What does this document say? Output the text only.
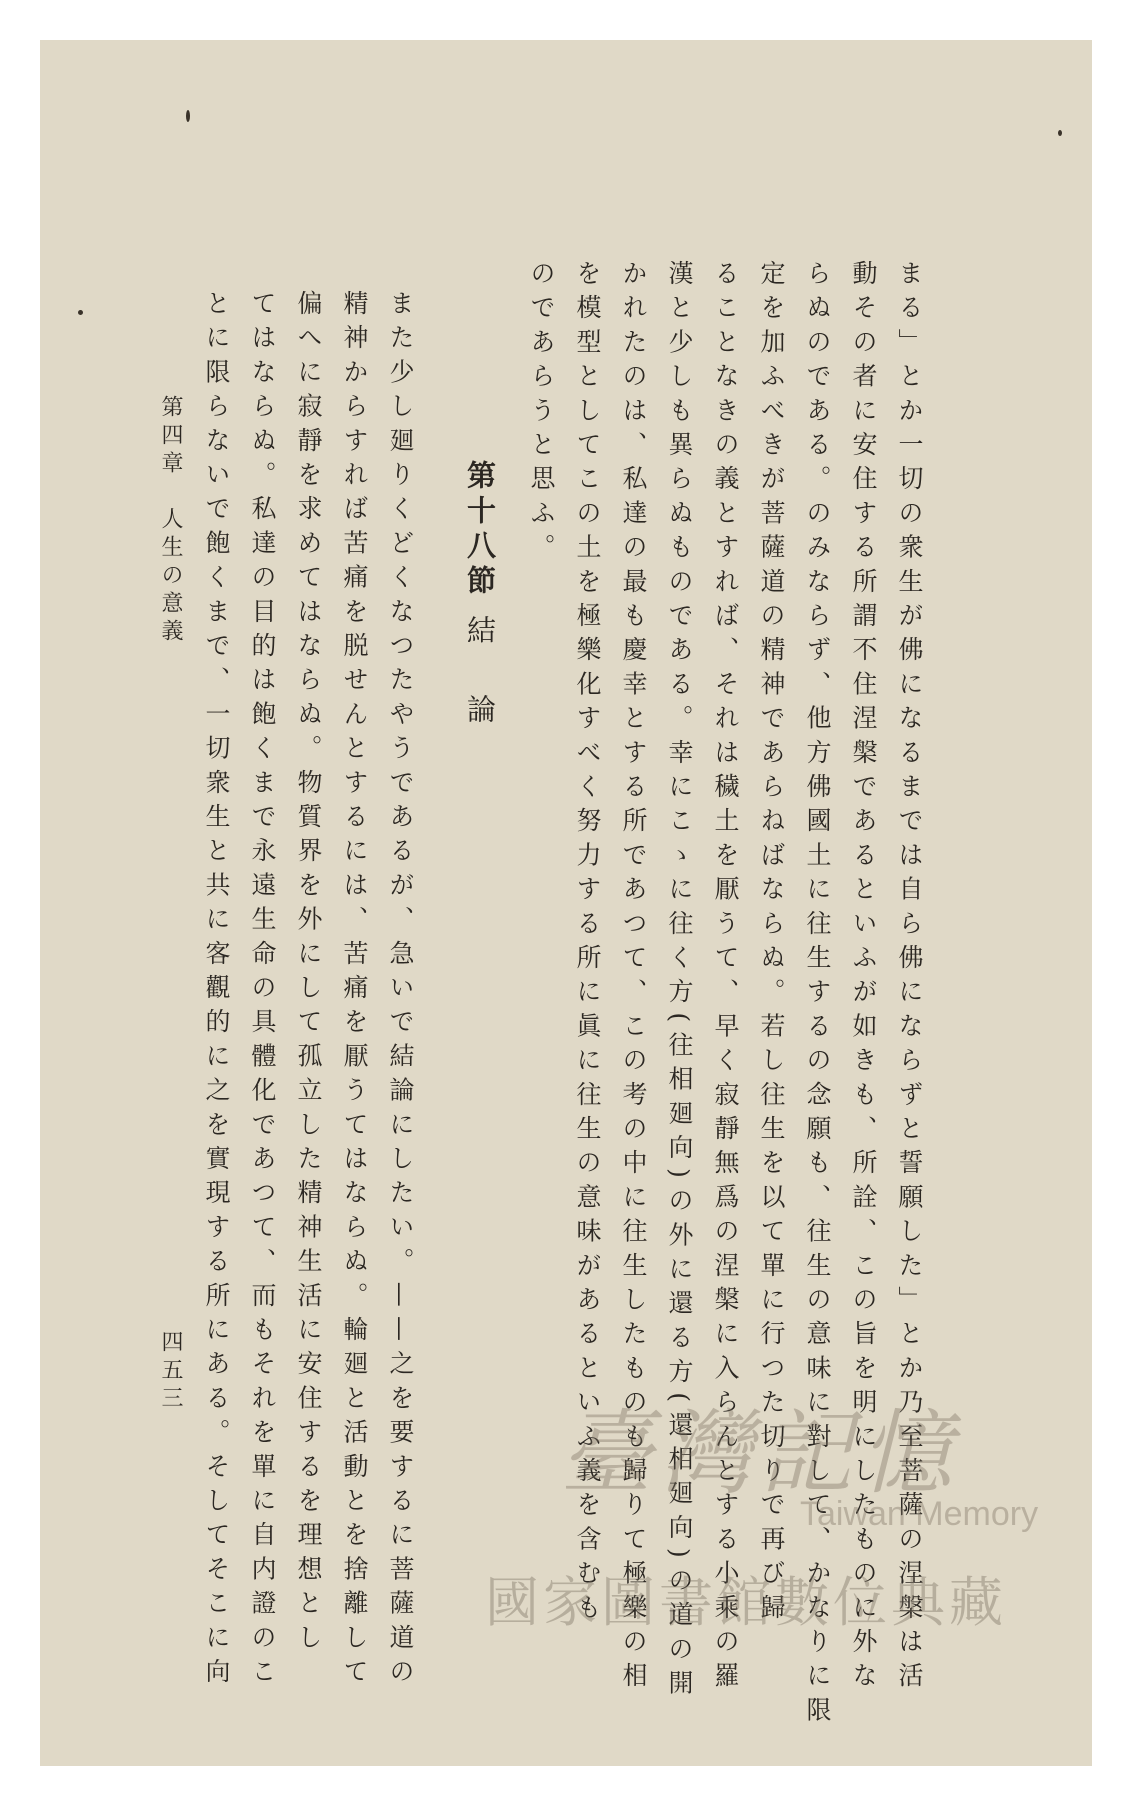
まる」とか一切の衆生が佛になるまでは自ら佛にならずと誓願した」とか乃至菩薩の涅槃は活
動その者に安住する所謂不住涅槃であるといふが如きも、所詮、この旨を明にしたものに外な
らぬのである。のみならず、他方佛國土に往生するの念願も、往生の意味に對して、かなりに限
定を加ふべきが菩薩道の精神であらねばならぬ。若し往生を以て單に行つた切りで再び歸
ることなきの義とすれば、それは穢土を厭うて、早く寂靜無爲の涅槃に入らんとする小乘の羅
漢と少しも異らぬものである。幸にこゝに往く方(往相廻向)の外に還る方(還相廻向)の道の開
かれたのは、私達の最も慶幸とする所であつて、この考の中に往生したものも歸りて極樂の相
を模型としてこの土を極樂化すべく努力する所に眞に往生の意味があるといふ義を含むも
のであらうと思ふ。
第十八節
結論
また少し廻りくどくなつたやうであるが、急いで結論にしたい。——之を要するに菩薩道の
精神からすれば苦痛を脱せんとするには、苦痛を厭うてはならぬ。輪廻と活動とを捨離して
偏へに寂靜を求めてはならぬ。物質界を外にして孤立した精神生活に安住するを理想とし
てはならぬ。私達の目的は飽くまで永遠生命の具體化であつて、而もそれを單に自内證のこ
とに限らないで飽くまで、一切衆生と共に客觀的に之を實現する所にある。そしてそこに向
第四章　人生の意義
四五三
臺灣記憶
Taiwan Memory
國家圖書館數位典藏
